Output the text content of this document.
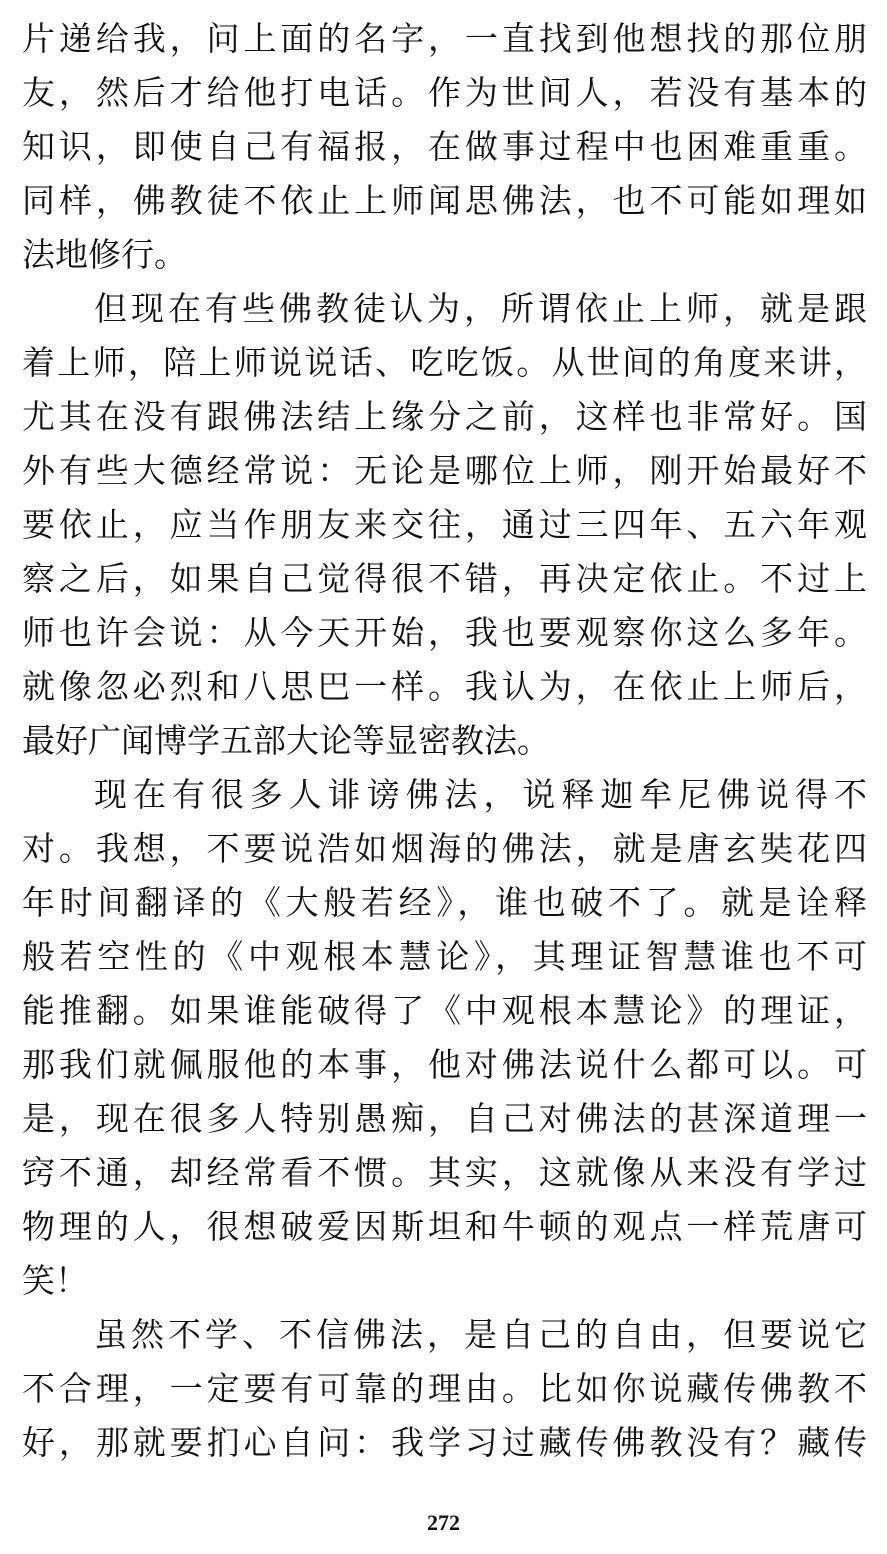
片递给我，问上面的名字，一直找到他想找的那位朋
友，然后才给他打电话。作为世间人，若没有基本的
知识，即使自己有福报，在做事过程中也困难重重。
同样，佛教徒不依止上师闻思佛法，也不可能如理如
法地修行。
但现在有些佛教徒认为，所谓依止上师，就是跟
着上师，陪上师说说话、吃吃饭。从世间的角度来讲，
尤其在没有跟佛法结上缘分之前，这样也非常好。国
外有些大德经常说：无论是哪位上师，刚开始最好不
要依止，应当作朋友来交往，通过三四年、五六年观
察之后，如果自己觉得很不错，再决定依止。不过上
师也许会说：从今天开始，我也要观察你这么多年。
就像忽必烈和八思巴一样。我认为，在依止上师后，
最好广闻博学五部大论等显密教法。
现在有很多人诽谤佛法，说释迦牟尼佛说得不
对。我想，不要说浩如烟海的佛法，就是唐玄奘花四
年时间翻译的《大般若经》，谁也破不了。就是诠释
般若空性的《中观根本慧论》，其理证智慧谁也不可
能推翻。如果谁能破得了《中观根本慧论》的理证，
那我们就佩服他的本事，他对佛法说什么都可以。可
是，现在很多人特别愚痴，自己对佛法的甚深道理一
窍不通，却经常看不惯。其实，这就像从来没有学过
物理的人，很想破爱因斯坦和牛顿的观点一样荒唐可
笑！
虽然不学、不信佛法，是自己的自由，但要说它
不合理，一定要有可靠的理由。比如你说藏传佛教不
好，那就要扪心自问：我学习过藏传佛教没有？藏传
272
